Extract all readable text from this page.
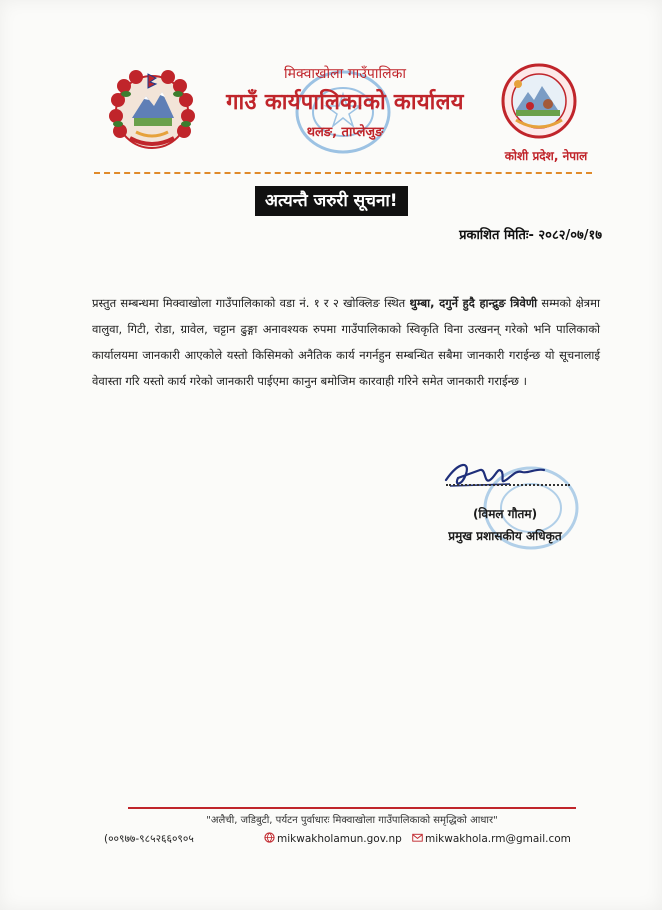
मिक्वाखोला गाउँपालिका
गाउँ कार्यपालिकाको कार्यालय
थलङ, ताप्लेजुङ
कोशी प्रदेश, नेपाल
अत्यन्तै जरुरी सूचना!
प्रकाशित मितिः- २०८२/०७/१७
प्रस्तुत सम्बन्धमा मिक्वाखोला गाउँपालिकाको वडा नं. १ र २ खोक्लिङ स्थित थुम्बा, दगुर्ने हुदै हान्द्रुङ त्रिवेणी सम्मको क्षेत्रमा वालुवा, गिटी, रोडा, ग्रावेल, चट्टान ढुङ्गा अनावश्यक रुपमा गाउँपालिकाको स्विकृति विना उत्खनन् गरेको भनि पालिकाको कार्यालयमा जानकारी आएकोले यस्तो किसिमको अनैतिक कार्य नगर्नहुन सम्बन्धित सबैमा जानकारी गराईन्छ यो सूचनालाई वेवास्ता गरि यस्तो कार्य गरेको जानकारी पाईएमा कानुन बमोजिम कारवाही गरिने समेत जानकारी गराईन्छ ।
(विमल गौतम)
प्रमुख प्रशासकीय अधिकृत
"अलैची, जडिबुटी, पर्यटन पुर्वाधारः मिक्वाखोला गाउँपालिकाको समृद्धिको आधार"
(००९७७-९८५२६६०९०५	mikwakholamun.gov.np	mikwakhola.rm@gmail.com
